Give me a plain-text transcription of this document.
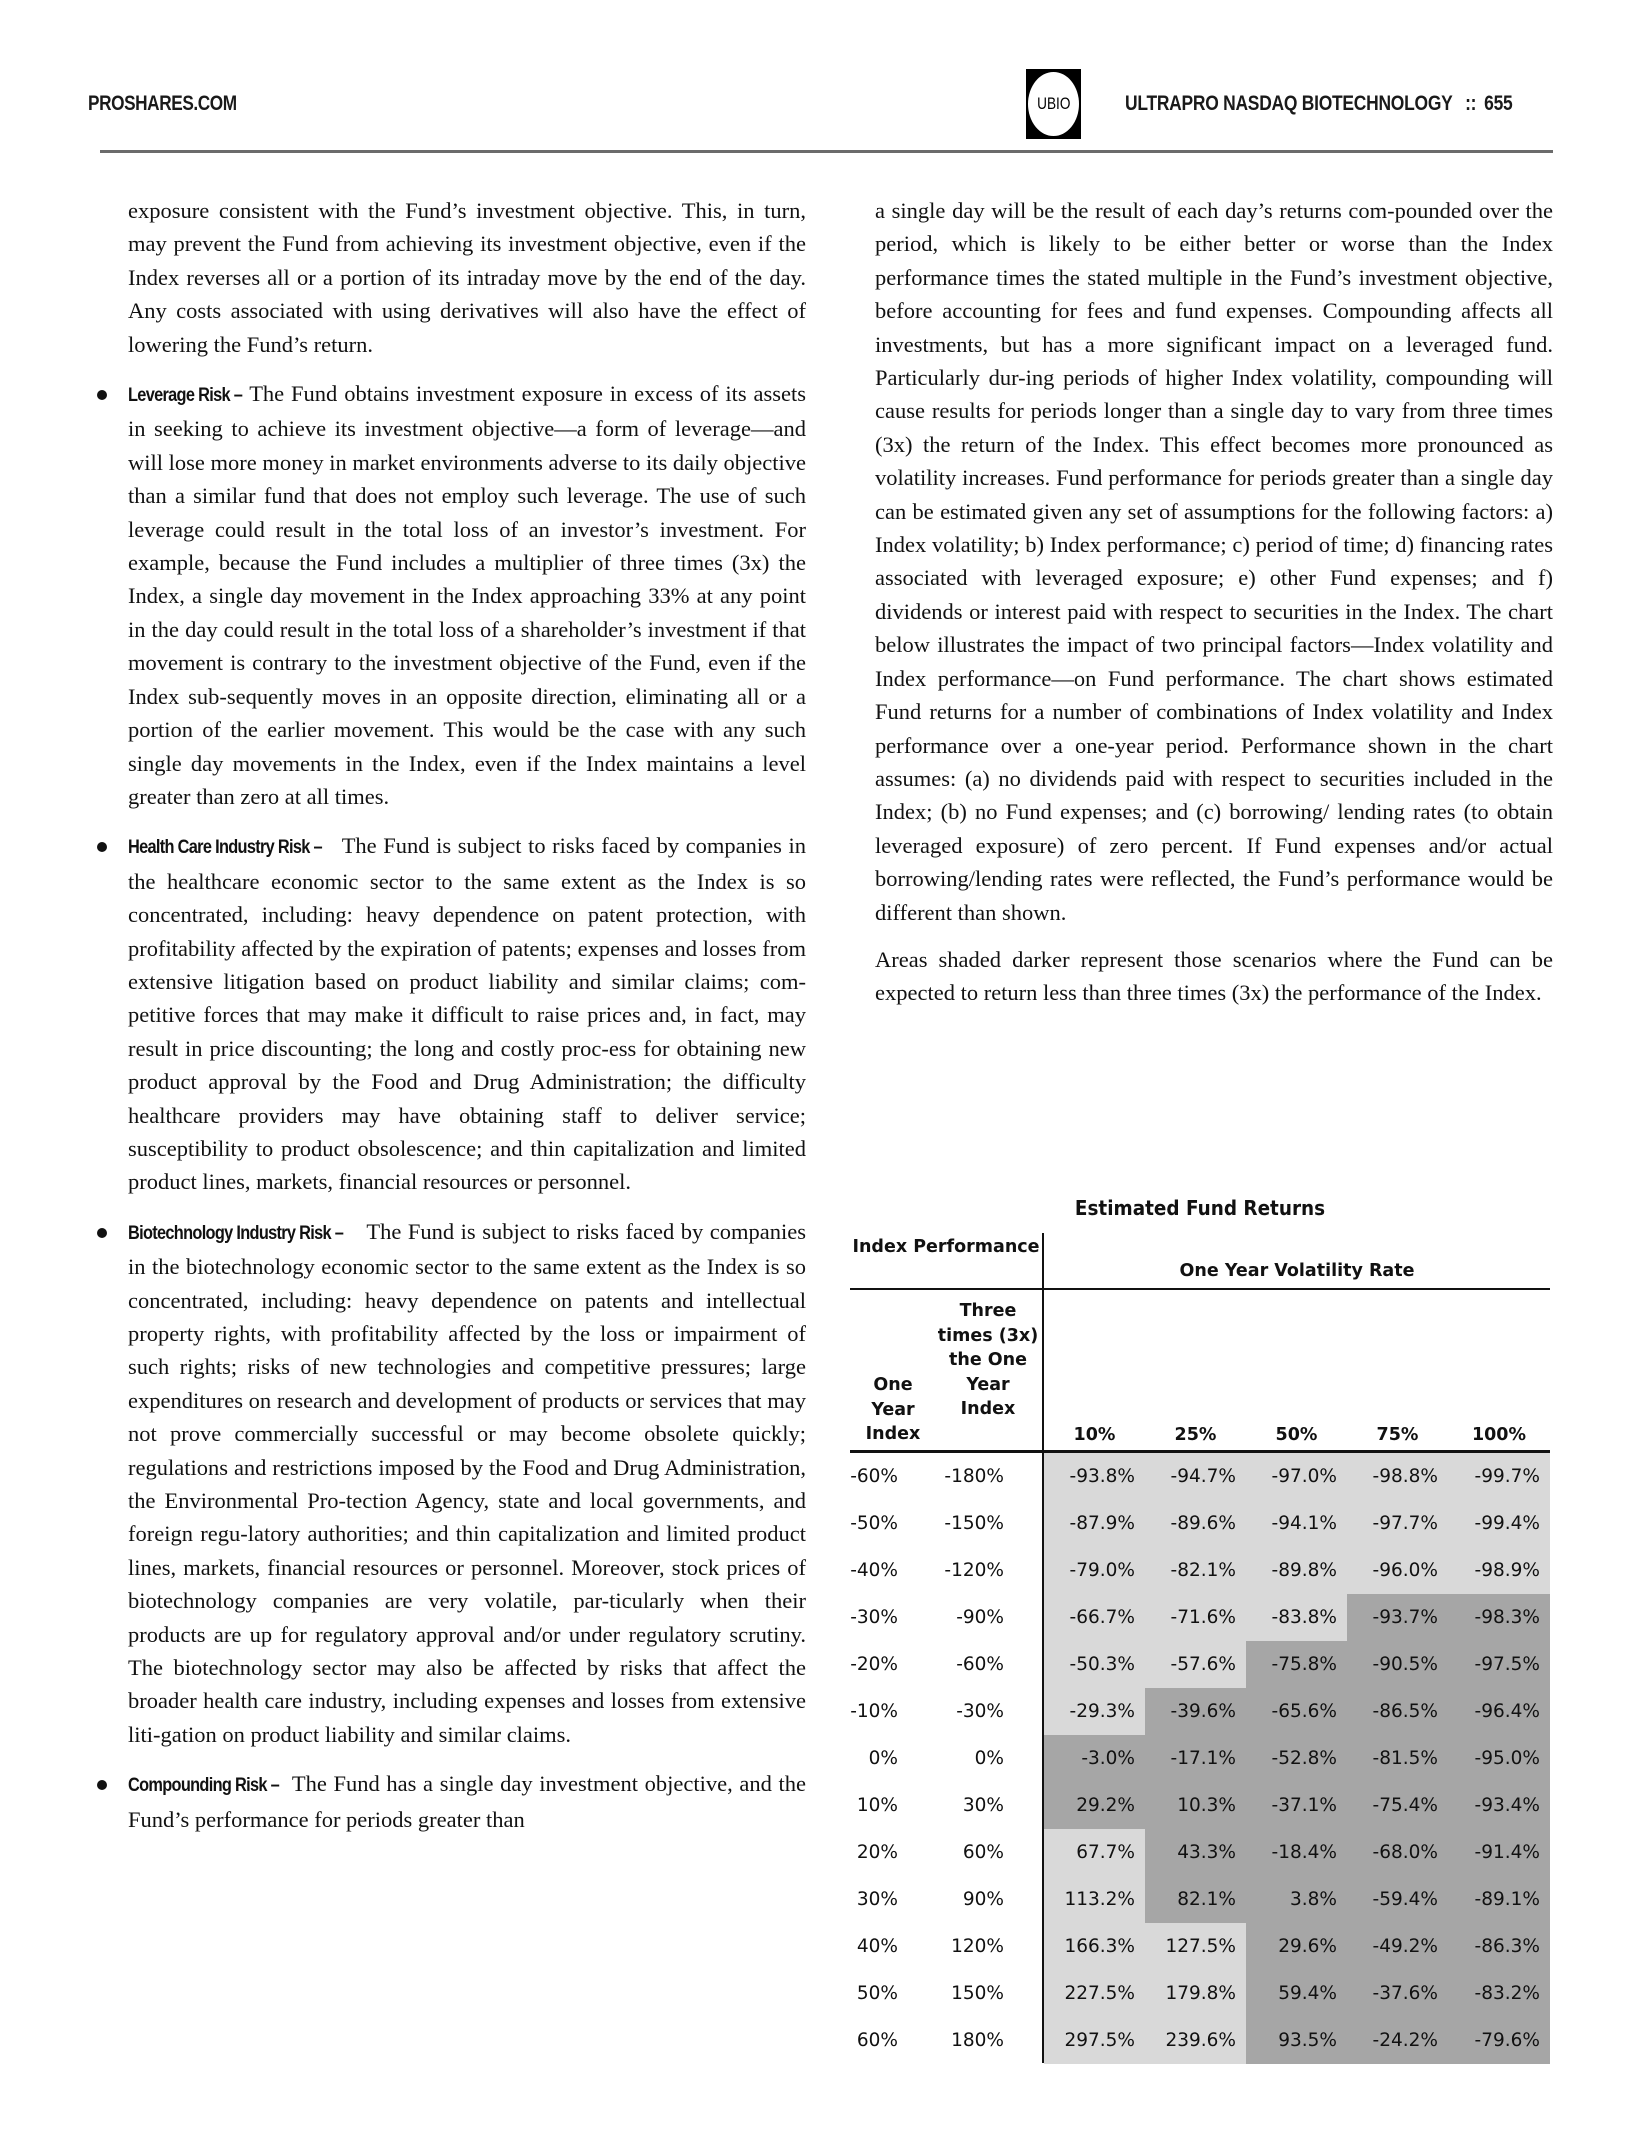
PROSHARES.COM	UBIO	ULTRAPRO NASDAQ BIOTECHNOLOGY :: 655

exposure consistent with the Fund’s investment objective. This, in turn, may prevent the Fund from achieving its investment objective, even if the Index reverses all or a portion of its intraday move by the end of the day. Any costs associated with using derivatives will also have the effect of lowering the Fund’s return.

Leverage Risk – The Fund obtains investment exposure in excess of its assets in seeking to achieve its investment objective—a form of leverage—and will lose more money in market environments adverse to its daily objective than a similar fund that does not employ such leverage. The use of such leverage could result in the total loss of an investor’s investment. For example, because the Fund includes a multiplier of three times (3x) the Index, a single day movement in the Index approaching 33% at any point in the day could result in the total loss of a shareholder’s investment if that movement is contrary to the investment objective of the Fund, even if the Index sub-sequently moves in an opposite direction, eliminating all or a portion of the earlier movement. This would be the case with any such single day movements in the Index, even if the Index maintains a level greater than zero at all times.

Health Care Industry Risk – The Fund is subject to risks faced by companies in the healthcare economic sector to the same extent as the Index is so concentrated, including: heavy dependence on patent protection, with profitability affected by the expiration of patents; expenses and losses from extensive litigation based on product liability and similar claims; com-petitive forces that may make it difficult to raise prices and, in fact, may result in price discounting; the long and costly proc-ess for obtaining new product approval by the Food and Drug Administration; the difficulty healthcare providers may have obtaining staff to deliver service; susceptibility to product obsolescence; and thin capitalization and limited product lines, markets, financial resources or personnel.

Biotechnology Industry Risk – The Fund is subject to risks faced by companies in the biotechnology economic sector to the same extent as the Index is so concentrated, including: heavy dependence on patents and intellectual property rights, with profitability affected by the loss or impairment of such rights; risks of new technologies and competitive pressures; large expenditures on research and development of products or services that may not prove commercially successful or may become obsolete quickly; regulations and restrictions imposed by the Food and Drug Administration, the Environmental Pro-tection Agency, state and local governments, and foreign regu-latory authorities; and thin capitalization and limited product lines, markets, financial resources or personnel. Moreover, stock prices of biotechnology companies are very volatile, par-ticularly when their products are up for regulatory approval and/or under regulatory scrutiny. The biotechnology sector may also be affected by risks that affect the broader health care industry, including expenses and losses from extensive liti-gation on product liability and similar claims.

Compounding Risk – The Fund has a single day investment objective, and the Fund’s performance for periods greater than

a single day will be the result of each day’s returns com-pounded over the period, which is likely to be either better or worse than the Index performance times the stated multiple in the Fund’s investment objective, before accounting for fees and fund expenses. Compounding affects all investments, but has a more significant impact on a leveraged fund. Particularly dur-ing periods of higher Index volatility, compounding will cause results for periods longer than a single day to vary from three times (3x) the return of the Index. This effect becomes more pronounced as volatility increases. Fund performance for periods greater than a single day can be estimated given any set of assumptions for the following factors: a) Index volatility; b) Index performance; c) period of time; d) financing rates associated with leveraged exposure; e) other Fund expenses; and f) dividends or interest paid with respect to securities in the Index. The chart below illustrates the impact of two principal factors—Index volatility and Index performance—on Fund performance. The chart shows estimated Fund returns for a number of combinations of Index volatility and Index performance over a one-year period. Performance shown in the chart assumes: (a) no dividends paid with respect to securities included in the Index; (b) no Fund expenses; and (c) borrowing/ lending rates (to obtain leveraged exposure) of zero percent. If Fund expenses and/or actual borrowing/lending rates were reflected, the Fund’s performance would be different than shown.

Areas shaded darker represent those scenarios where the Fund can be expected to return less than three times (3x) the performance of the Index.

Estimated Fund Returns
Index Performance
One Year Volatility Rate
One Year Index
Three times (3x) the One Year Index
10%	25%	50%	75%	100%
-60%	-180%	-93.8% -94.7% -97.0% -98.8% -99.7%
-50%	-150%	-87.9% -89.6% -94.1% -97.7% -99.4%
-40%	-120%	-79.0% -82.1% -89.8% -96.0% -98.9%
-30%	-90%	-66.7% -71.6% -83.8% -93.7% -98.3%
-20%	-60%	-50.3% -57.6% -75.8% -90.5% -97.5%
-10%	-30%	-29.3% -39.6% -65.6% -86.5% -96.4%
0%	0%	-3.0% -17.1% -52.8% -81.5% -95.0%
10%	30%	29.2% 10.3% -37.1% -75.4% -93.4%
20%	60%	67.7% 43.3% -18.4% -68.0% -91.4%
30%	90%	113.2% 82.1%	3.8% -59.4% -89.1%
40%	120%	166.3% 127.5% 29.6% -49.2% -86.3%
50%	150%	227.5% 179.8% 59.4% -37.6% -83.2%
60%	180%	297.5% 239.6% 93.5% -24.2% -79.6%
